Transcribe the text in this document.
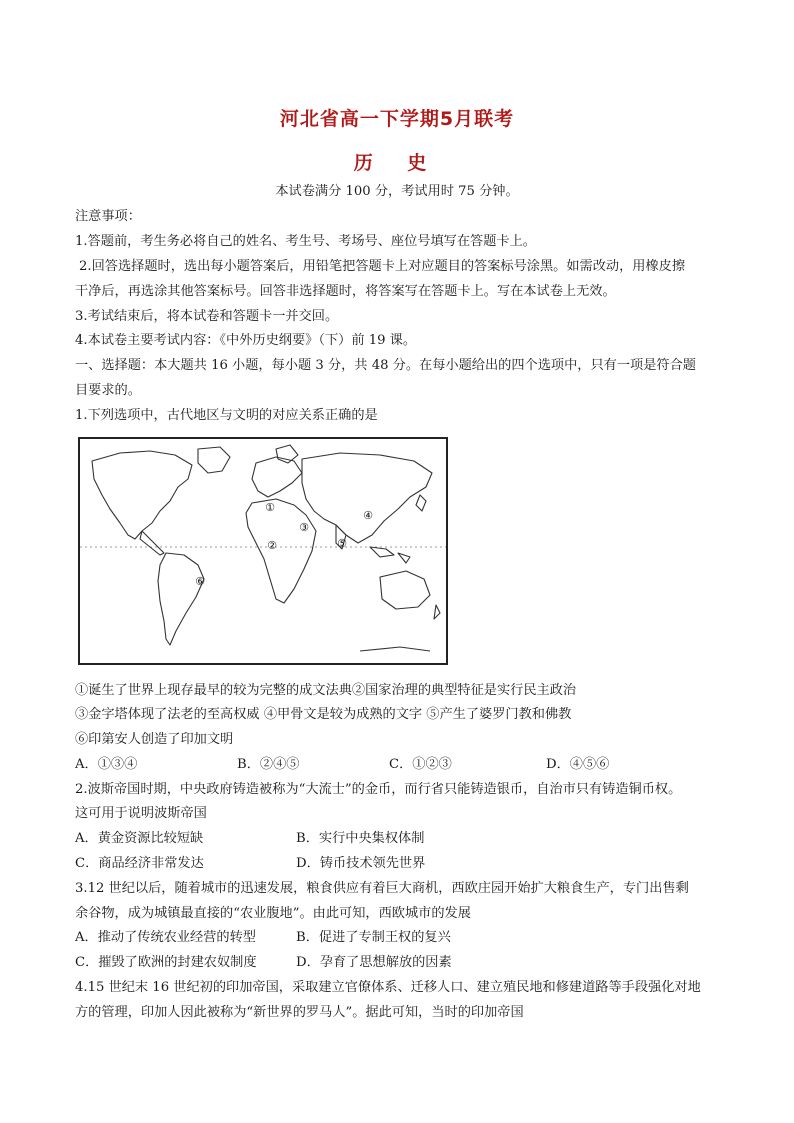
河北省高一下学期5月联考
历 史
本试卷满分 100 分，考试用时 75 分钟。
注意事项：
1.答题前，考生务必将自己的姓名、考生号、考场号、座位号填写在答题卡上。
2.回答选择题时，选出每小题答案后，用铅笔把答题卡上对应题目的答案标号涂黑。如需改动，用橡皮擦
干净后，再选涂其他答案标号。回答非选择题时，将答案写在答题卡上。写在本试卷上无效。
3.考试结束后，将本试卷和答题卡一并交回。
4.本试卷主要考试内容：《中外历史纲要》（下）前 19 课。
一、选择题：本大题共 16 小题，每小题 3 分，共 48 分。在每小题给出的四个选项中，只有一项是符合题
目要求的。
1.下列选项中，古代地区与文明的对应关系正确的是
①
②
③
④
⑤
⑥
①诞生了世界上现存最早的较为完整的成文法典②国家治理的典型特征是实行民主政治
③金字塔体现了法老的至高权威 ④甲骨文是较为成熟的文字 ⑤产生了婆罗门教和佛教
⑥印第安人创造了印加文明
A．①③④	B．②④⑤	C．①②③	D．④⑤⑥
2.波斯帝国时期，中央政府铸造被称为“大流士”的金币，而行省只能铸造银币，自治市只有铸造铜币权。
这可用于说明波斯帝国
A．黄金资源比较短缺	B．实行中央集权体制
C．商品经济非常发达	D．铸币技术领先世界
3.12 世纪以后，随着城市的迅速发展，粮食供应有着巨大商机，西欧庄园开始扩大粮食生产，专门出售剩
余谷物，成为城镇最直接的“农业腹地”。由此可知，西欧城市的发展
A．推动了传统农业经营的转型	B．促进了专制王权的复兴
C．摧毁了欧洲的封建农奴制度	D．孕育了思想解放的因素
4.15 世纪末 16 世纪初的印加帝国，采取建立官僚体系、迁移人口、建立殖民地和修建道路等手段强化对地
方的管理，印加人因此被称为“新世界的罗马人”。据此可知，当时的印加帝国
